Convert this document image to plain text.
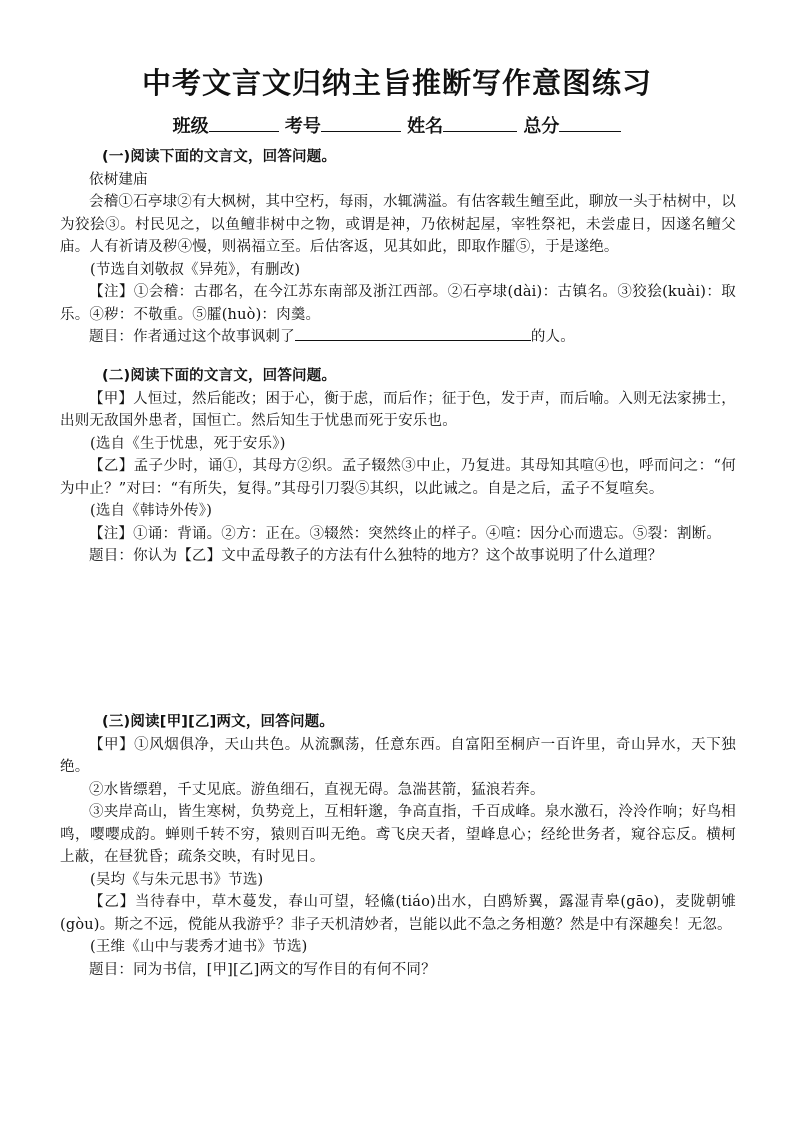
中考文言文归纳主旨推断写作意图练习
班级	考号	姓名	总分
(一)阅读下面的文言文，回答问题。

依树建庙

会稽①石亭埭②有大枫树，其中空朽，每雨，水辄满溢。有估客载生鳣至此，聊放一头于枯树中，以为狡狯③。村民见之，以鱼鳣非树中之物，或谓是神，乃依树起屋，宰牲祭祀，未尝虚日，因遂名鳣父庙。人有祈请及秽④慢，则祸福立至。后估客返，见其如此，即取作臛⑤，于是遂绝。

(节选自刘敬叔《异苑》，有删改)

【注】①会稽：古郡名，在今江苏东南部及浙江西部。②石亭埭(dài)：古镇名。③狡狯(kuài)：取乐。④秽：不敬重。⑤臛(huò)：肉羹。

题目：作者通过这个故事讽刺了	的人。

(二)阅读下面的文言文，回答问题。

【甲】人恒过，然后能改；困于心，衡于虑，而后作；征于色，发于声，而后喻。入则无法家拂士，出则无敌国外患者，国恒亡。然后知生于忧患而死于安乐也。

(选自《生于忧患，死于安乐》)

【乙】孟子少时，诵①，其母方②织。孟子辍然③中止，乃复进。其母知其喧④也，呼而问之：“何为中止？”对曰：“有所失，复得。”其母引刀裂⑤其织，以此诫之。自是之后，孟子不复喧矣。

(选自《韩诗外传》)

【注】①诵：背诵。②方：正在。③辍然：突然终止的样子。④喧：因分心而遗忘。⑤裂：割断。

题目：你认为【乙】文中孟母教子的方法有什么独特的地方？这个故事说明了什么道理？

(三)阅读[甲][乙]两文，回答问题。

【甲】①风烟俱净，天山共色。从流飘荡，任意东西。自富阳至桐庐一百许里，奇山异水，天下独绝。

②水皆缥碧，千丈见底。游鱼细石，直视无碍。急湍甚箭，猛浪若奔。

③夹岸高山，皆生寒树，负势竞上，互相轩邈，争高直指，千百成峰。泉水激石，泠泠作响；好鸟相鸣，嘤嘤成韵。蝉则千转不穷，猿则百叫无绝。鸢飞戾天者，望峰息心；经纶世务者，窥谷忘反。横柯上蔽，在昼犹昏；疏条交映，有时见日。

(吴均《与朱元思书》节选)

【乙】当待春中，草木蔓发，春山可望，轻鯈(tiáo)出水，白鸥矫翼，露湿青皋(gāo)，麦陇朝雊(gòu)。斯之不远，傥能从我游乎？非子天机清妙者，岂能以此不急之务相邀？然是中有深趣矣！无忽。

(王维《山中与裴秀才迪书》节选)

题目：同为书信，[甲][乙]两文的写作目的有何不同？
